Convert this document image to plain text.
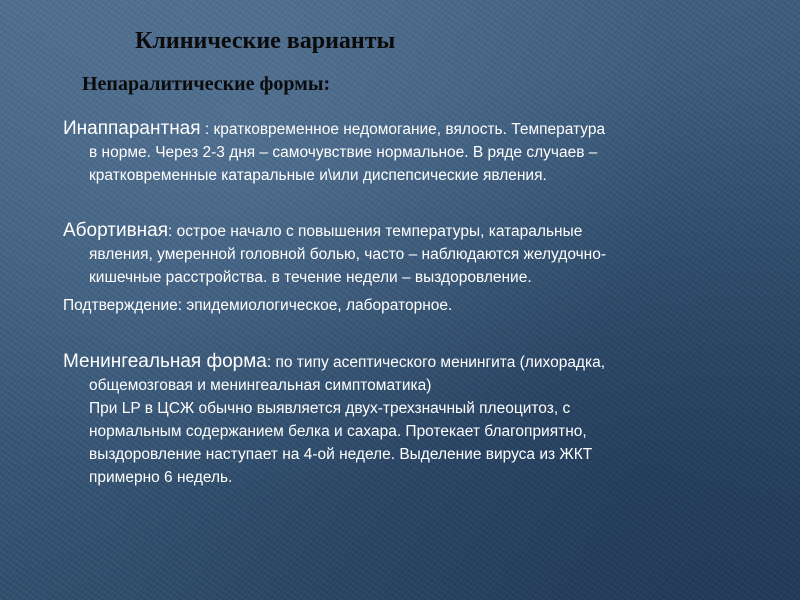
Клинические варианты
Непаралитические формы:
Инаппарантная : кратковременное недомогание, вялость. Температура
в норме. Через 2-3 дня – самочувствие нормальное. В ряде случаев –
кратковременные катаральные и\или диспепсические явления.
Абортивная: острое начало с повышения температуры, катаральные
явления, умеренной головной болью, часто – наблюдаются желудочно-
кишечные расстройства. в течение недели – выздоровление.
Подтверждение: эпидемиологическое, лабораторное.
Менингеальная форма: по типу асептического менингита (лихорадка,
общемозговая и менингеальная симптоматика)
При LP в ЦСЖ обычно выявляется двух-трехзначный плеоцитоз, с
нормальным содержанием белка и сахара. Протекает благоприятно,
выздоровление наступает на 4-ой неделе. Выделение вируса из ЖКТ
примерно 6 недель.
